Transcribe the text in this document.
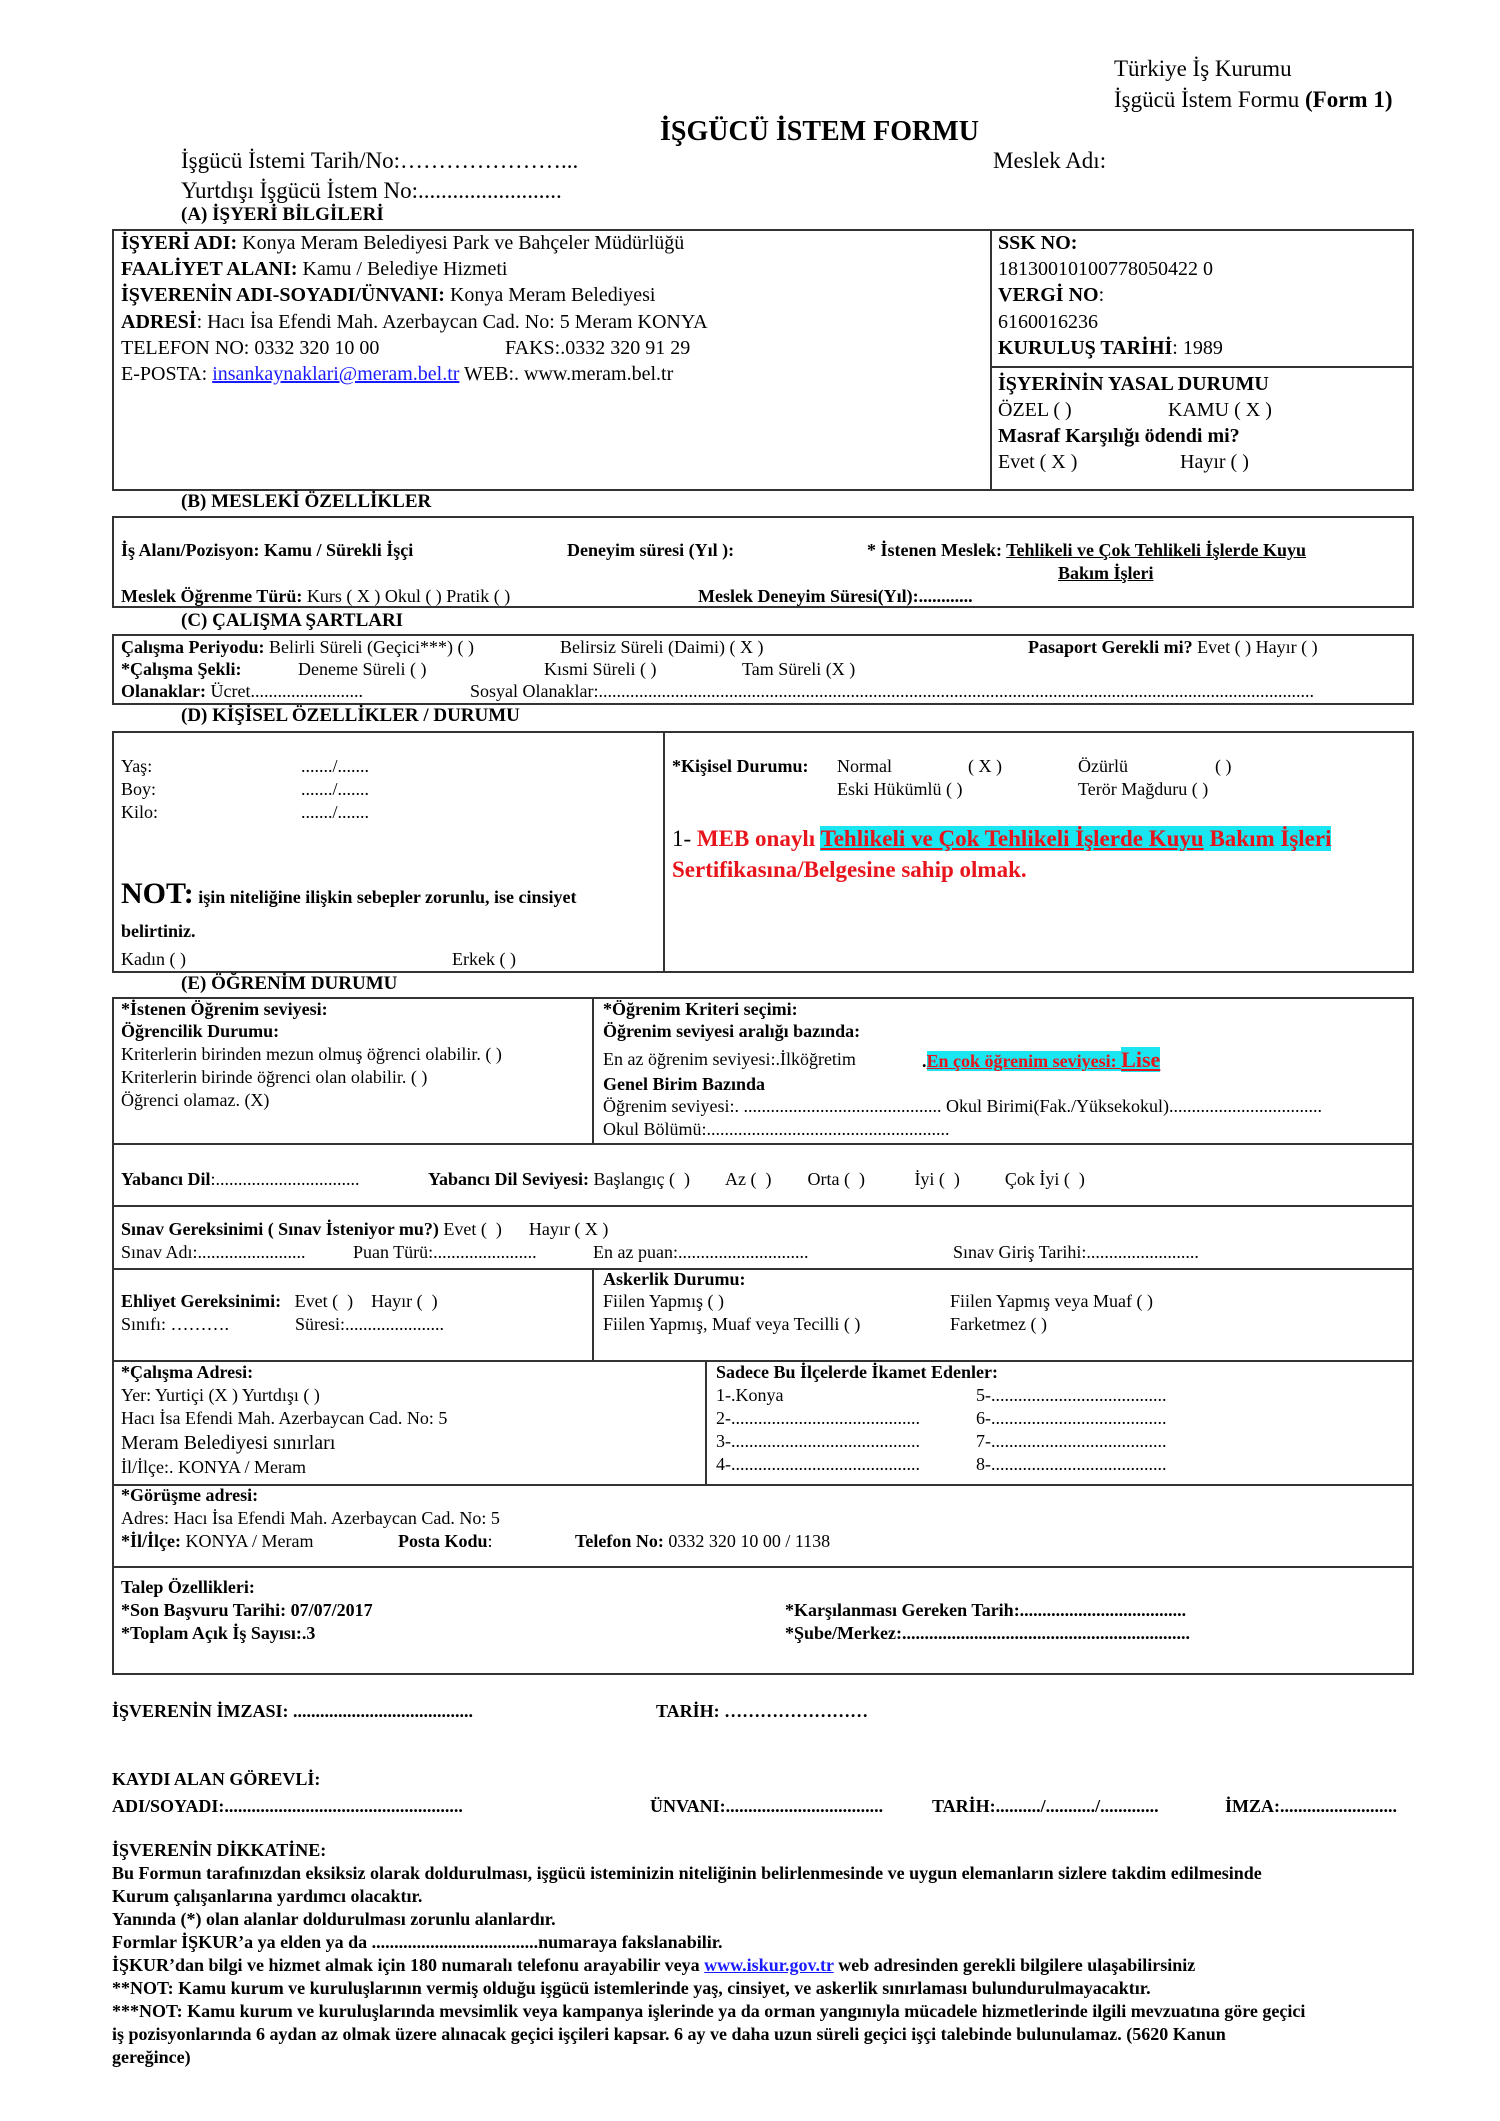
Türkiye İş Kurumu
İşgücü İstem Formu (Form 1)
İŞGÜCÜ İSTEM FORMU
İşgücü İstemi Tarih/No:…………………...
Yurtdışı İşgücü İstem No:.........................
Meslek Adı:
(A) İŞYERİ BİLGİLERİ
İŞYERİ ADI: Konya Meram Belediyesi Park ve Bahçeler Müdürlüğü
FAALİYET ALANI: Kamu / Belediye Hizmeti
İŞVERENİN ADI-SOYADI/ÜNVANI: Konya Meram Belediyesi
ADRESİ: Hacı İsa Efendi Mah. Azerbaycan Cad. No: 5 Meram KONYA
TELEFON NO: 0332 320 10 00	FAKS:.0332 320 91 29
E-POSTA: insankaynaklari@meram.bel.tr WEB:. www.meram.bel.tr
SSK NO:
18130010100778050422 0
VERGİ NO:
6160016236
KURULUŞ TARİHİ: 1989
İŞYERİNİN YASAL DURUMU
ÖZEL ( )	KAMU ( X )
Masraf Karşılığı ödendi mi?
Evet ( X )	Hayır ( )
(B) MESLEKİ ÖZELLİKLER
İş Alanı/Pozisyon: Kamu / Sürekli İşçi	Deneyim süresi (Yıl ):	* İstenen Meslek: Tehlikeli ve Çok Tehlikeli İşlerde Kuyu
Bakım İşleri
Meslek Öğrenme Türü: Kurs ( X ) Okul ( ) Pratik ( )	Meslek Deneyim Süresi(Yıl):............
(C) ÇALIŞMA ŞARTLARI
Çalışma Periyodu: Belirli Süreli (Geçici***) ( )	Belirsiz Süreli (Daimi) ( X )	Pasaport Gerekli mi? Evet ( ) Hayır ( )
*Çalışma Şekli:	Deneme Süreli ( )	Kısmi Süreli ( )	Tam Süreli (X )
Olanaklar: Ücret.........................	Sosyal Olanaklar:...............................................................................................................................................................
(D) KİŞİSEL ÖZELLİKLER / DURUMU
Yaş:	......./.......
Boy:	......./.......
Kilo:	......./.......
NOT: işin niteliğine ilişkin sebepler zorunlu, ise cinsiyet
belirtiniz.
Kadın ( )	Erkek ( )
*Kişisel Durumu: Normal	( X )	Özürlü	( )
Eski Hükümlü ( )	Terör Mağduru ( )
1- MEB onaylı Tehlikeli ve Çok Tehlikeli İşlerde Kuyu Bakım İşleri
Sertifikasına/Belgesine sahip olmak.
(E) ÖĞRENİM DURUMU
*İstenen Öğrenim seviyesi:
Öğrencilik Durumu:
Kriterlerin birinden mezun olmuş öğrenci olabilir. ( )
Kriterlerin birinde öğrenci olan olabilir. ( )
Öğrenci olamaz. (X)
*Öğrenim Kriteri seçimi:
Öğrenim seviyesi aralığı bazında:
En az öğrenim seviyesi:.İlköğretim	.En çok öğrenim seviyesi: Lise
Genel Birim Bazında
Öğrenim seviyesi:. ............................................ Okul Birimi(Fak./Yüksekokul)..................................
Okul Bölümü:......................................................
Yabancı Dil:................................	Yabancı Dil Seviyesi: Başlangıç (  )        Az (  )        Orta (  )           İyi (  )          Çok İyi (  )
Sınav Gereksinimi ( Sınav İsteniyor mu?) Evet (  )      Hayır ( X )
Sınav Adı:........................	Puan Türü:.......................	En az puan:.............................	Sınav Giriş Tarihi:.........................
Ehliyet Gereksinimi:   Evet (  )    Hayır (  )
Sınıfı: ……….	Süresi:......................
Askerlik Durumu:
Fiilen Yapmış ( )	Fiilen Yapmış veya Muaf ( )
Fiilen Yapmış, Muaf veya Tecilli ( )	Farketmez ( )
*Çalışma Adresi:
Yer: Yurtiçi (X ) Yurtdışı ( )
Hacı İsa Efendi Mah. Azerbaycan Cad. No: 5
Meram Belediyesi sınırları
İl/İlçe:. KONYA / Meram
Sadece Bu İlçelerde İkamet Edenler:
1-.Konya
2-..........................................
3-..........................................
4-..........................................
5-.......................................
6-.......................................
7-.......................................
8-.......................................
*Görüşme adresi:
Adres: Hacı İsa Efendi Mah. Azerbaycan Cad. No: 5
*İl/İlçe: KONYA / Meram	Posta Kodu:	Telefon No: 0332 320 10 00 / 1138
Talep Özellikleri:
*Son Başvuru Tarihi: 07/07/2017
*Toplam Açık İş Sayısı:.3
*Karşılanması Gereken Tarih:.....................................
*Şube/Merkez:................................................................
İŞVERENİN İMZASI: ........................................	TARİH: ……………………
KAYDI ALAN GÖREVLİ:
ADI/SOYADI:.....................................................	ÜNVANI:...................................	TARİH:........../.........../.............	İMZA:..........................
İŞVERENİN DİKKATİNE:
Bu Formun tarafınızdan eksiksiz olarak doldurulması, işgücü isteminizin niteliğinin belirlenmesinde ve uygun elemanların sizlere takdim edilmesinde
Kurum çalışanlarına yardımcı olacaktır.
Yanında (*) olan alanlar doldurulması zorunlu alanlardır.
Formlar İŞKUR’a ya elden ya da .....................................numaraya fakslanabilir.
İŞKUR’dan bilgi ve hizmet almak için 180 numaralı telefonu arayabilir veya www.iskur.gov.tr web adresinden gerekli bilgilere ulaşabilirsiniz
**NOT: Kamu kurum ve kuruluşlarının vermiş olduğu işgücü istemlerinde yaş, cinsiyet, ve askerlik sınırlaması bulundurulmayacaktır.
***NOT: Kamu kurum ve kuruluşlarında mevsimlik veya kampanya işlerinde ya da orman yangınıyla mücadele hizmetlerinde ilgili mevzuatına göre geçici
iş pozisyonlarında 6 aydan az olmak üzere alınacak geçici işçileri kapsar. 6 ay ve daha uzun süreli geçici işçi talebinde bulunulamaz. (5620 Kanun
gereğince)
